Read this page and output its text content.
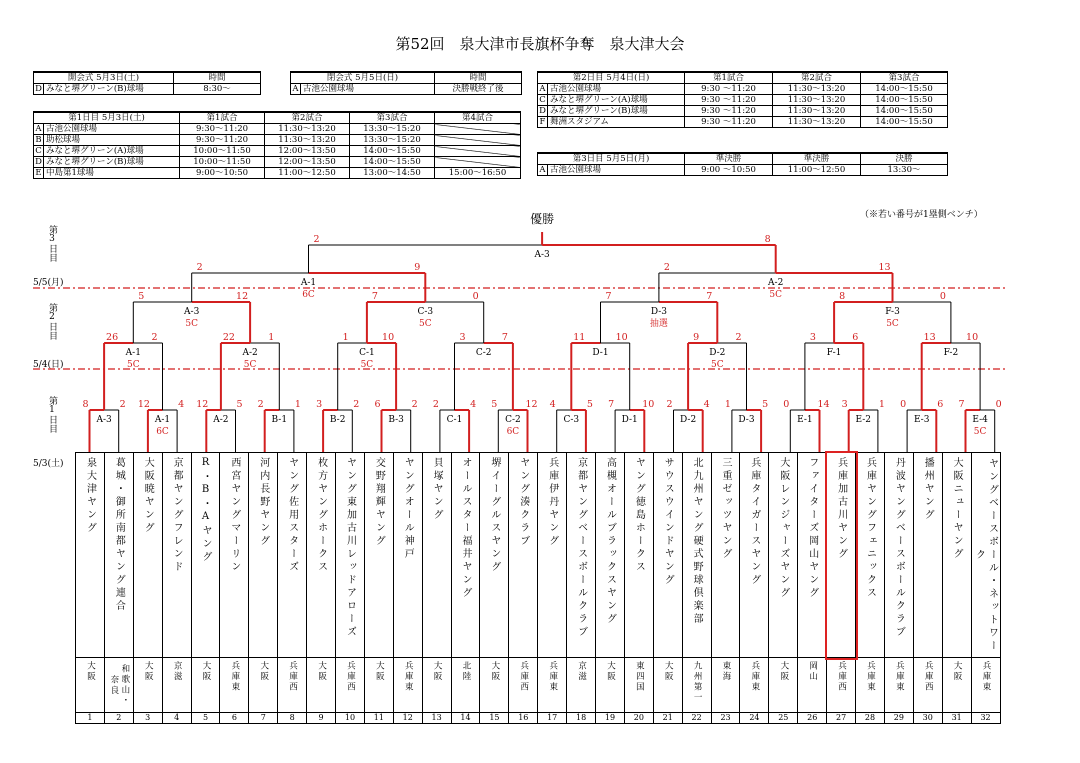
第52回　泉大津市長旗杯争奪　泉大津大会
開会式 5月3日(土)		時間
D	みなと堺グリーン(B)球場	8:30～
閉会式 5月5日(日)		時間
A	古池公園球場	決勝戦終了後
第1日目 5月3日(土)		第1試合	第2試合	第3試合	第4試合
A	古池公園球場	9:30～11:20	11:30～13:20	13:30～15:20	
B	助松球場	9:30～11:20	11:30～13:20	13:30～15:20	
C	みなと堺グリーン(A)球場	10:00～11:50	12:00～13:50	14:00～15:50	
D	みなと堺グリーン(B)球場	10:00～11:50	12:00～13:50	14:00～15:50	
E	中島第1球場	9:00～10:50	11:00～12:50	13:00～14:50	15:00～16:50
第2日目 5月4日(日)		第1試合	第2試合	第3試合
A	古池公園球場	9:30 ～11:20	11:30～13:20	14:00～15:50
C	みなと堺グリーン(A)球場	9:30 ～11:20	11:30～13:20	14:00～15:50
D	みなと堺グリーン(B)球場	9:30 ～11:20	11:30～13:20	14:00～15:50
F	舞洲スタジアム	9:30 ～11:20	11:30～13:20	14:00～15:50
第3日目 5月5日(月)		準決勝	準決勝	決勝
A	古池公園球場	9:00 ～10:50	11:00～12:50	13:30～
（※若い番号が1塁側ベンチ）
第3日目
第2日目
第1日目
5/5(月)
5/4(日)
5/3(土)
A-3
8	2
A-1
6C
12	4
A-2
12	5
B-1
2	1
B-2
3	2
B-3
6	2
C-1
2	4
C-2
6C
5	12
C-3
4	5
D-1
7	10
D-2
2	4
D-3
1	5
E-1
0	14
E-2
3	1
E-3
0	6
E-4
5C
7	0
A-1
5C
26	2
A-2
5C
22	1
C-1
5C
1	10
C-2
3	7
D-1
11	10
D-2
5C
9	2
F-1
3	6
F-2
13	10
A-3
5C
5	12
C-3
5C
7	0
D-3
抽選
7	7
F-3
5C
8	0
A-1
6C
2	9
A-2
5C
2	13
A-3
2	8
優勝
泉大津ヤング	葛城・御所南都ヤング連合	大阪暁ヤング	京都ヤングフレンド	R・B・Aヤング	西宮ヤングマーリン	河内長野ヤング	ヤング佐用スターズ	枚方ヤングホークス	ヤング東加古川レッドアローズ	交野翔輝ヤング	ヤングオール神戸	貝塚ヤング	オールスター福井ヤング	堺イーグルスヤング	ヤング湊クラブ	兵庫伊丹ヤング	京都ヤングベースボールクラブ	高槻オールブラックスヤング	ヤング徳島ホークス	サウスウインドヤング	北九州ヤング硬式野球倶楽部	三重ゼッツヤング	兵庫タイガースヤング	大阪レンジャーズヤング	ファイターズ岡山ヤング	兵庫加古川ヤング	兵庫ヤングフェニックス	丹波ヤングベースボールクラブ	播州ヤング	大阪ニューヤング	ヤングベースボール・ネットワーク
大阪	和歌山・奈良	大阪	京滋	大阪	兵庫東	大阪	兵庫西	大阪	兵庫西	大阪	兵庫東	大阪	北陸	大阪	兵庫西	兵庫東	京滋	大阪	東四国	大阪	九州第一	東海	兵庫東	大阪	岡山	兵庫西	兵庫東	兵庫東	兵庫西	大阪	兵庫東
1	2	3	4	5	6	7	8	9	10	11	12	13	14	15	16	17	18	19	20	21	22	23	24	25	26	27	28	29	30	31	32
